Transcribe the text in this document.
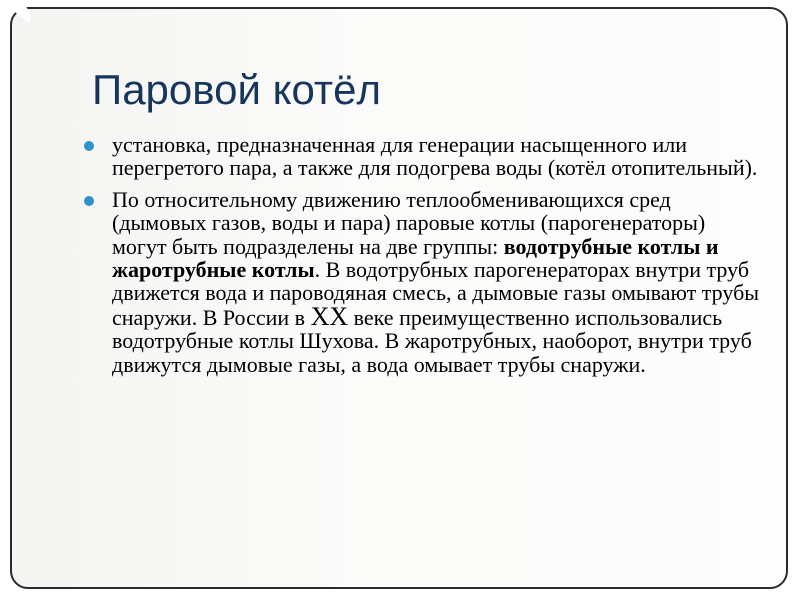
Паровой котёл
установка, предназначенная для генерации насыщенного или перегретого пара, а также для подогрева воды (котёл отопительный).
По относительному движению теплообменивающихся сред (дымовых газов, воды и пара) паровые котлы (парогенераторы) могут быть подразделены на две группы: водотрубные котлы и жаротрубные котлы. В водотрубных парогенераторах внутри труб движется вода и пароводяная смесь, а дымовые газы омывают трубы снаружи. В России в XX веке преимущественно использовались водотрубные котлы Шухова. В жаротрубных, наоборот, внутри труб движутся дымовые газы, а вода омывает трубы снаружи.
